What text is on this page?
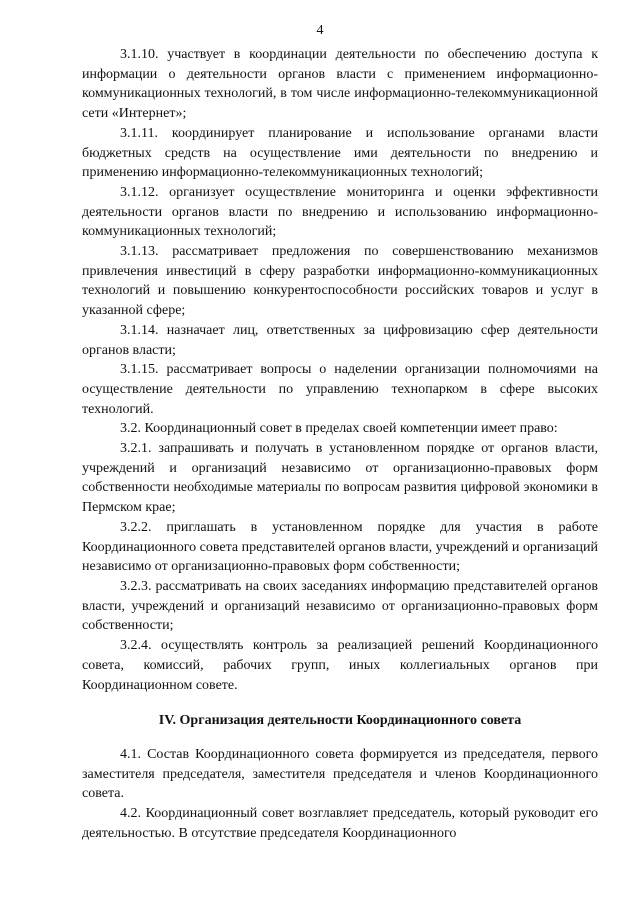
4

3.1.10. участвует в координации деятельности по обеспечению доступа к информации о деятельности органов власти с применением информационно-коммуникационных технологий, в том числе информационно-телекоммуникационной сети «Интернет»;

3.1.11. координирует планирование и использование органами власти бюджетных средств на осуществление ими деятельности по внедрению и применению информационно-телекоммуникационных технологий;

3.1.12. организует осуществление мониторинга и оценки эффективности деятельности органов власти по внедрению и использованию информационно-коммуникационных технологий;

3.1.13. рассматривает предложения по совершенствованию механизмов привлечения инвестиций в сферу разработки информационно-коммуникационных технологий и повышению конкурентоспособности российских товаров и услуг в указанной сфере;

3.1.14. назначает лиц, ответственных за цифровизацию сфер деятельности органов власти;

3.1.15. рассматривает вопросы о наделении организации полномочиями на осуществление деятельности по управлению технопарком в сфере высоких технологий.

3.2. Координационный совет в пределах своей компетенции имеет право:

3.2.1. запрашивать и получать в установленном порядке от органов власти, учреждений и организаций независимо от организационно-правовых форм собственности необходимые материалы по вопросам развития цифровой экономики в Пермском крае;

3.2.2. приглашать в установленном порядке для участия в работе Координационного совета представителей органов власти, учреждений и организаций независимо от организационно-правовых форм собственности;

3.2.3. рассматривать на своих заседаниях информацию представителей органов власти, учреждений и организаций независимо от организационно-правовых форм собственности;

3.2.4. осуществлять контроль за реализацией решений Координационного совета, комиссий, рабочих групп, иных коллегиальных органов при Координационном совете.

IV. Организация деятельности Координационного совета

4.1. Состав Координационного совета формируется из председателя, первого заместителя председателя, заместителя председателя и членов Координационного совета.

4.2. Координационный совет возглавляет председатель, который руководит его деятельностью. В отсутствие председателя Координационного
